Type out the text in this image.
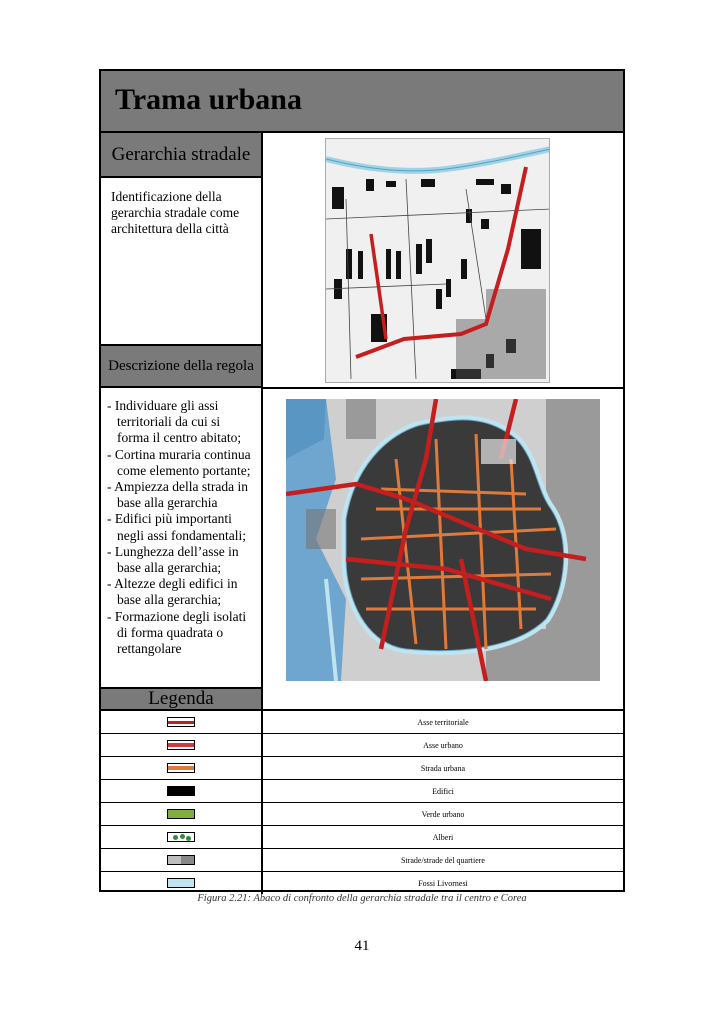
Trama urbana
Gerarchia stradale
Identificazione della gerarchia stradale come architettura della città
Descrizione della regola
- Individuare gli assi territoriali da cui si forma il centro abitato;
- Cortina muraria continua come elemento portante;
- Ampiezza della strada in base alla gerarchia
- Edifici più importanti negli assi fondamentali;
- Lunghezza dell’asse in base alla gerarchia;
- Altezze degli edifici in base alla gerarchia;
- Formazione degli isolati di forma quadrata o rettangolare
Legenda
Asse territoriale
Asse urbano
Strada urbana
Edifici
Verde urbano
Alberi
Strade/strade del quartiere
Fossi Livornesi
Figura 2.21: Abaco di confronto della gerarchia stradale tra il centro e Corea
41
